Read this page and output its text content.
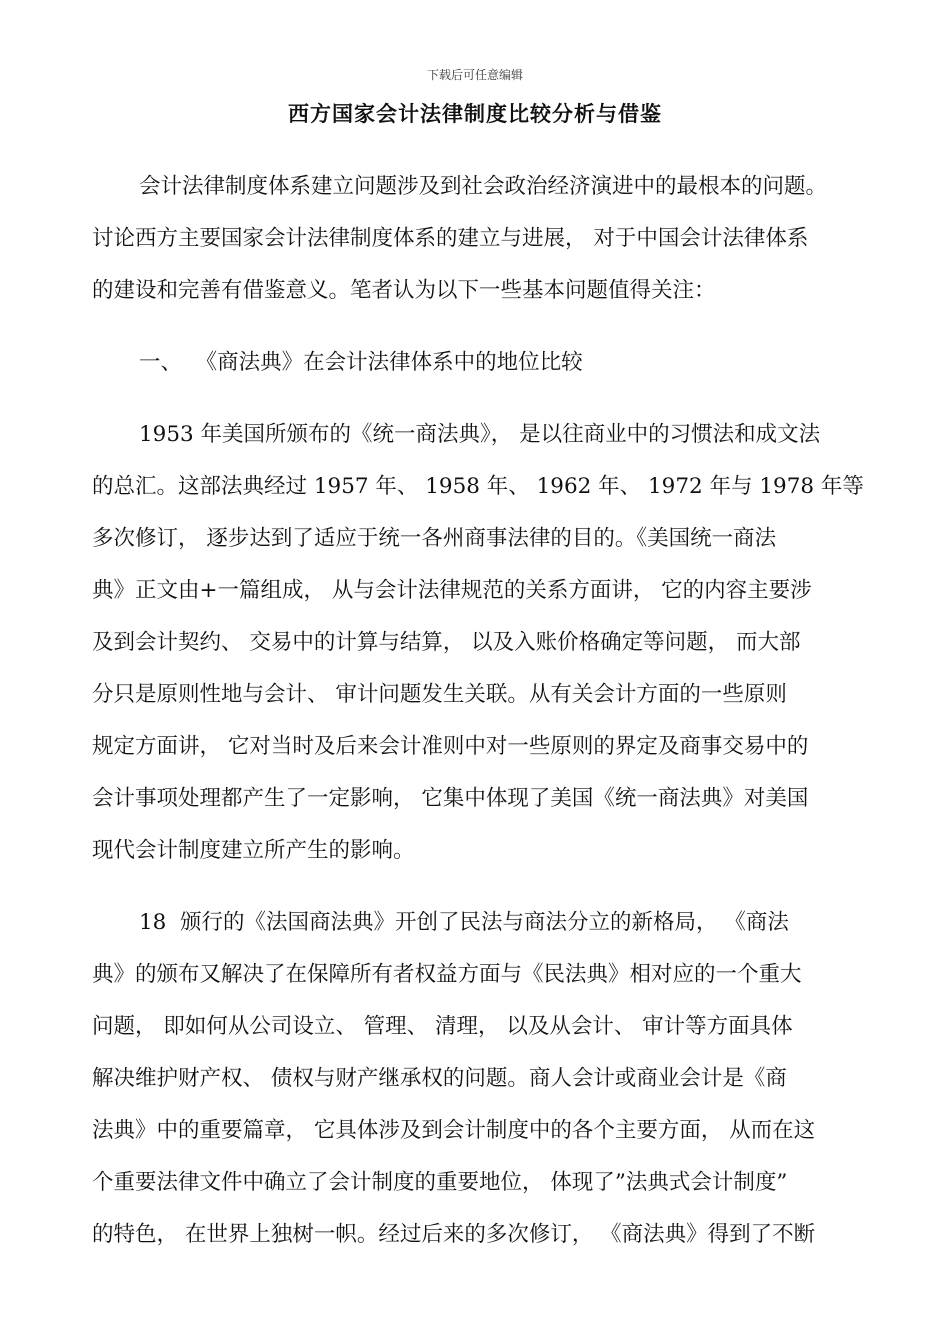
下载后可任意编辑
西方国家会计法律制度比较分析与借鉴
会计法律制度体系建立问题涉及到社会政治经济演进中的最根本的问题。
讨论西方主要国家会计法律制度体系的建立与进展， 对于中国会计法律体系
的建设和完善有借鉴意义。笔者认为以下一些基本问题值得关注：
一、  《商法典》在会计法律体系中的地位比较
1953 年美国所颁布的《统一商法典》， 是以往商业中的习惯法和成文法
的总汇。这部法典经过 1957 年、 1958 年、 1962 年、 1972 年与 1978 年等
多次修订， 逐步达到了适应于统一各州商事法律的目的。《美国统一商法
典》正文由+一篇组成， 从与会计法律规范的关系方面讲， 它的内容主要涉
及到会计契约、 交易中的计算与结算， 以及入账价格确定等问题， 而大部
分只是原则性地与会计、 审计问题发生关联。从有关会计方面的一些原则
规定方面讲， 它对当时及后来会计准则中对一些原则的界定及商事交易中的
会计事项处理都产生了一定影响， 它集中体现了美国《统一商法典》对美国
现代会计制度建立所产生的影响。
18  颁行的《法国商法典》开创了民法与商法分立的新格局， 《商法
典》的颁布又解决了在保障所有者权益方面与《民法典》相对应的一个重大
问题， 即如何从公司设立、 管理、 清理， 以及从会计、 审计等方面具体
解决维护财产权、 债权与财产继承权的问题。商人会计或商业会计是《商
法典》中的重要篇章， 它具体涉及到会计制度中的各个主要方面， 从而在这
个重要法律文件中确立了会计制度的重要地位， 体现了”法典式会计制度”
的特色， 在世界上独树一帜。经过后来的多次修订， 《商法典》得到了不断
